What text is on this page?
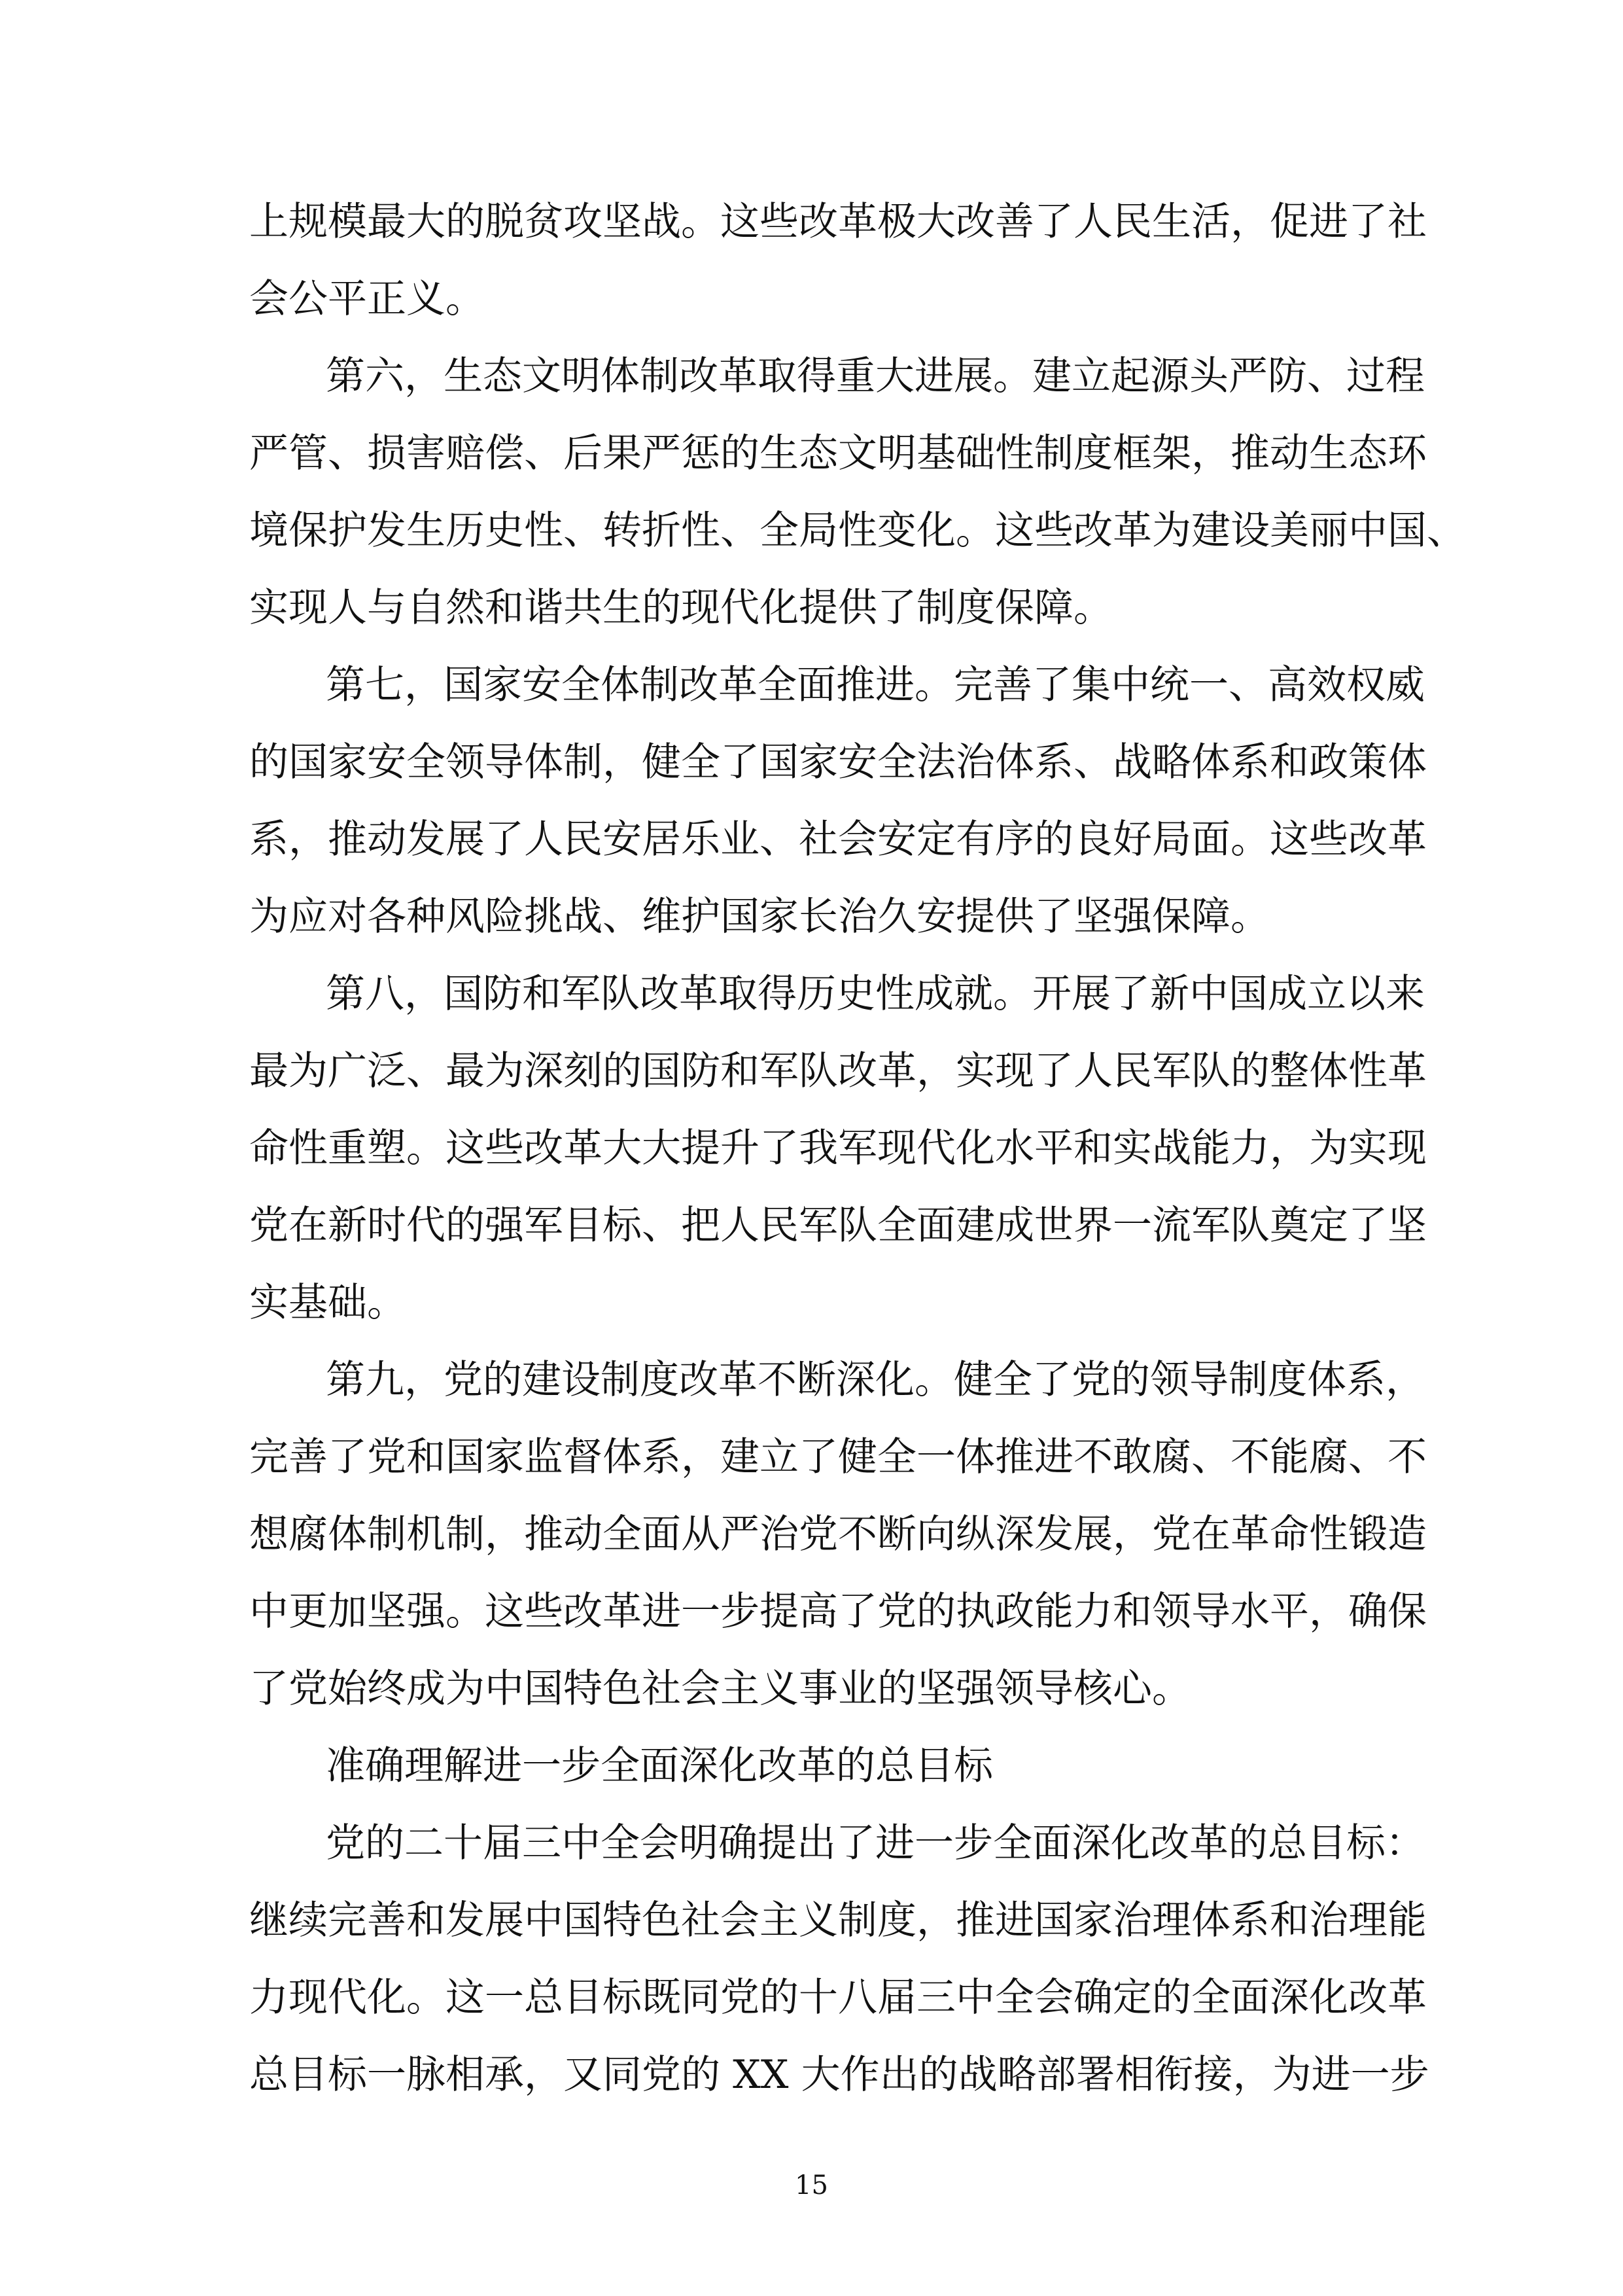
上规模最大的脱贫攻坚战。这些改革极大改善了人民生活，促进了社
会公平正义。
第六，生态文明体制改革取得重大进展。建立起源头严防、过程
严管、损害赔偿、后果严惩的生态文明基础性制度框架，推动生态环
境保护发生历史性、转折性、全局性变化。这些改革为建设美丽中国、
实现人与自然和谐共生的现代化提供了制度保障。
第七，国家安全体制改革全面推进。完善了集中统一、高效权威
的国家安全领导体制，健全了国家安全法治体系、战略体系和政策体
系，推动发展了人民安居乐业、社会安定有序的良好局面。这些改革
为应对各种风险挑战、维护国家长治久安提供了坚强保障。
第八，国防和军队改革取得历史性成就。开展了新中国成立以来
最为广泛、最为深刻的国防和军队改革，实现了人民军队的整体性革
命性重塑。这些改革大大提升了我军现代化水平和实战能力，为实现
党在新时代的强军目标、把人民军队全面建成世界一流军队奠定了坚
实基础。
第九，党的建设制度改革不断深化。健全了党的领导制度体系，
完善了党和国家监督体系，建立了健全一体推进不敢腐、不能腐、不
想腐体制机制，推动全面从严治党不断向纵深发展，党在革命性锻造
中更加坚强。这些改革进一步提高了党的执政能力和领导水平，确保
了党始终成为中国特色社会主义事业的坚强领导核心。
准确理解进一步全面深化改革的总目标
党的二十届三中全会明确提出了进一步全面深化改革的总目标：
继续完善和发展中国特色社会主义制度，推进国家治理体系和治理能
力现代化。这一总目标既同党的十八届三中全会确定的全面深化改革
总目标一脉相承，又同党的 XX 大作出的战略部署相衔接，为进一步
15
